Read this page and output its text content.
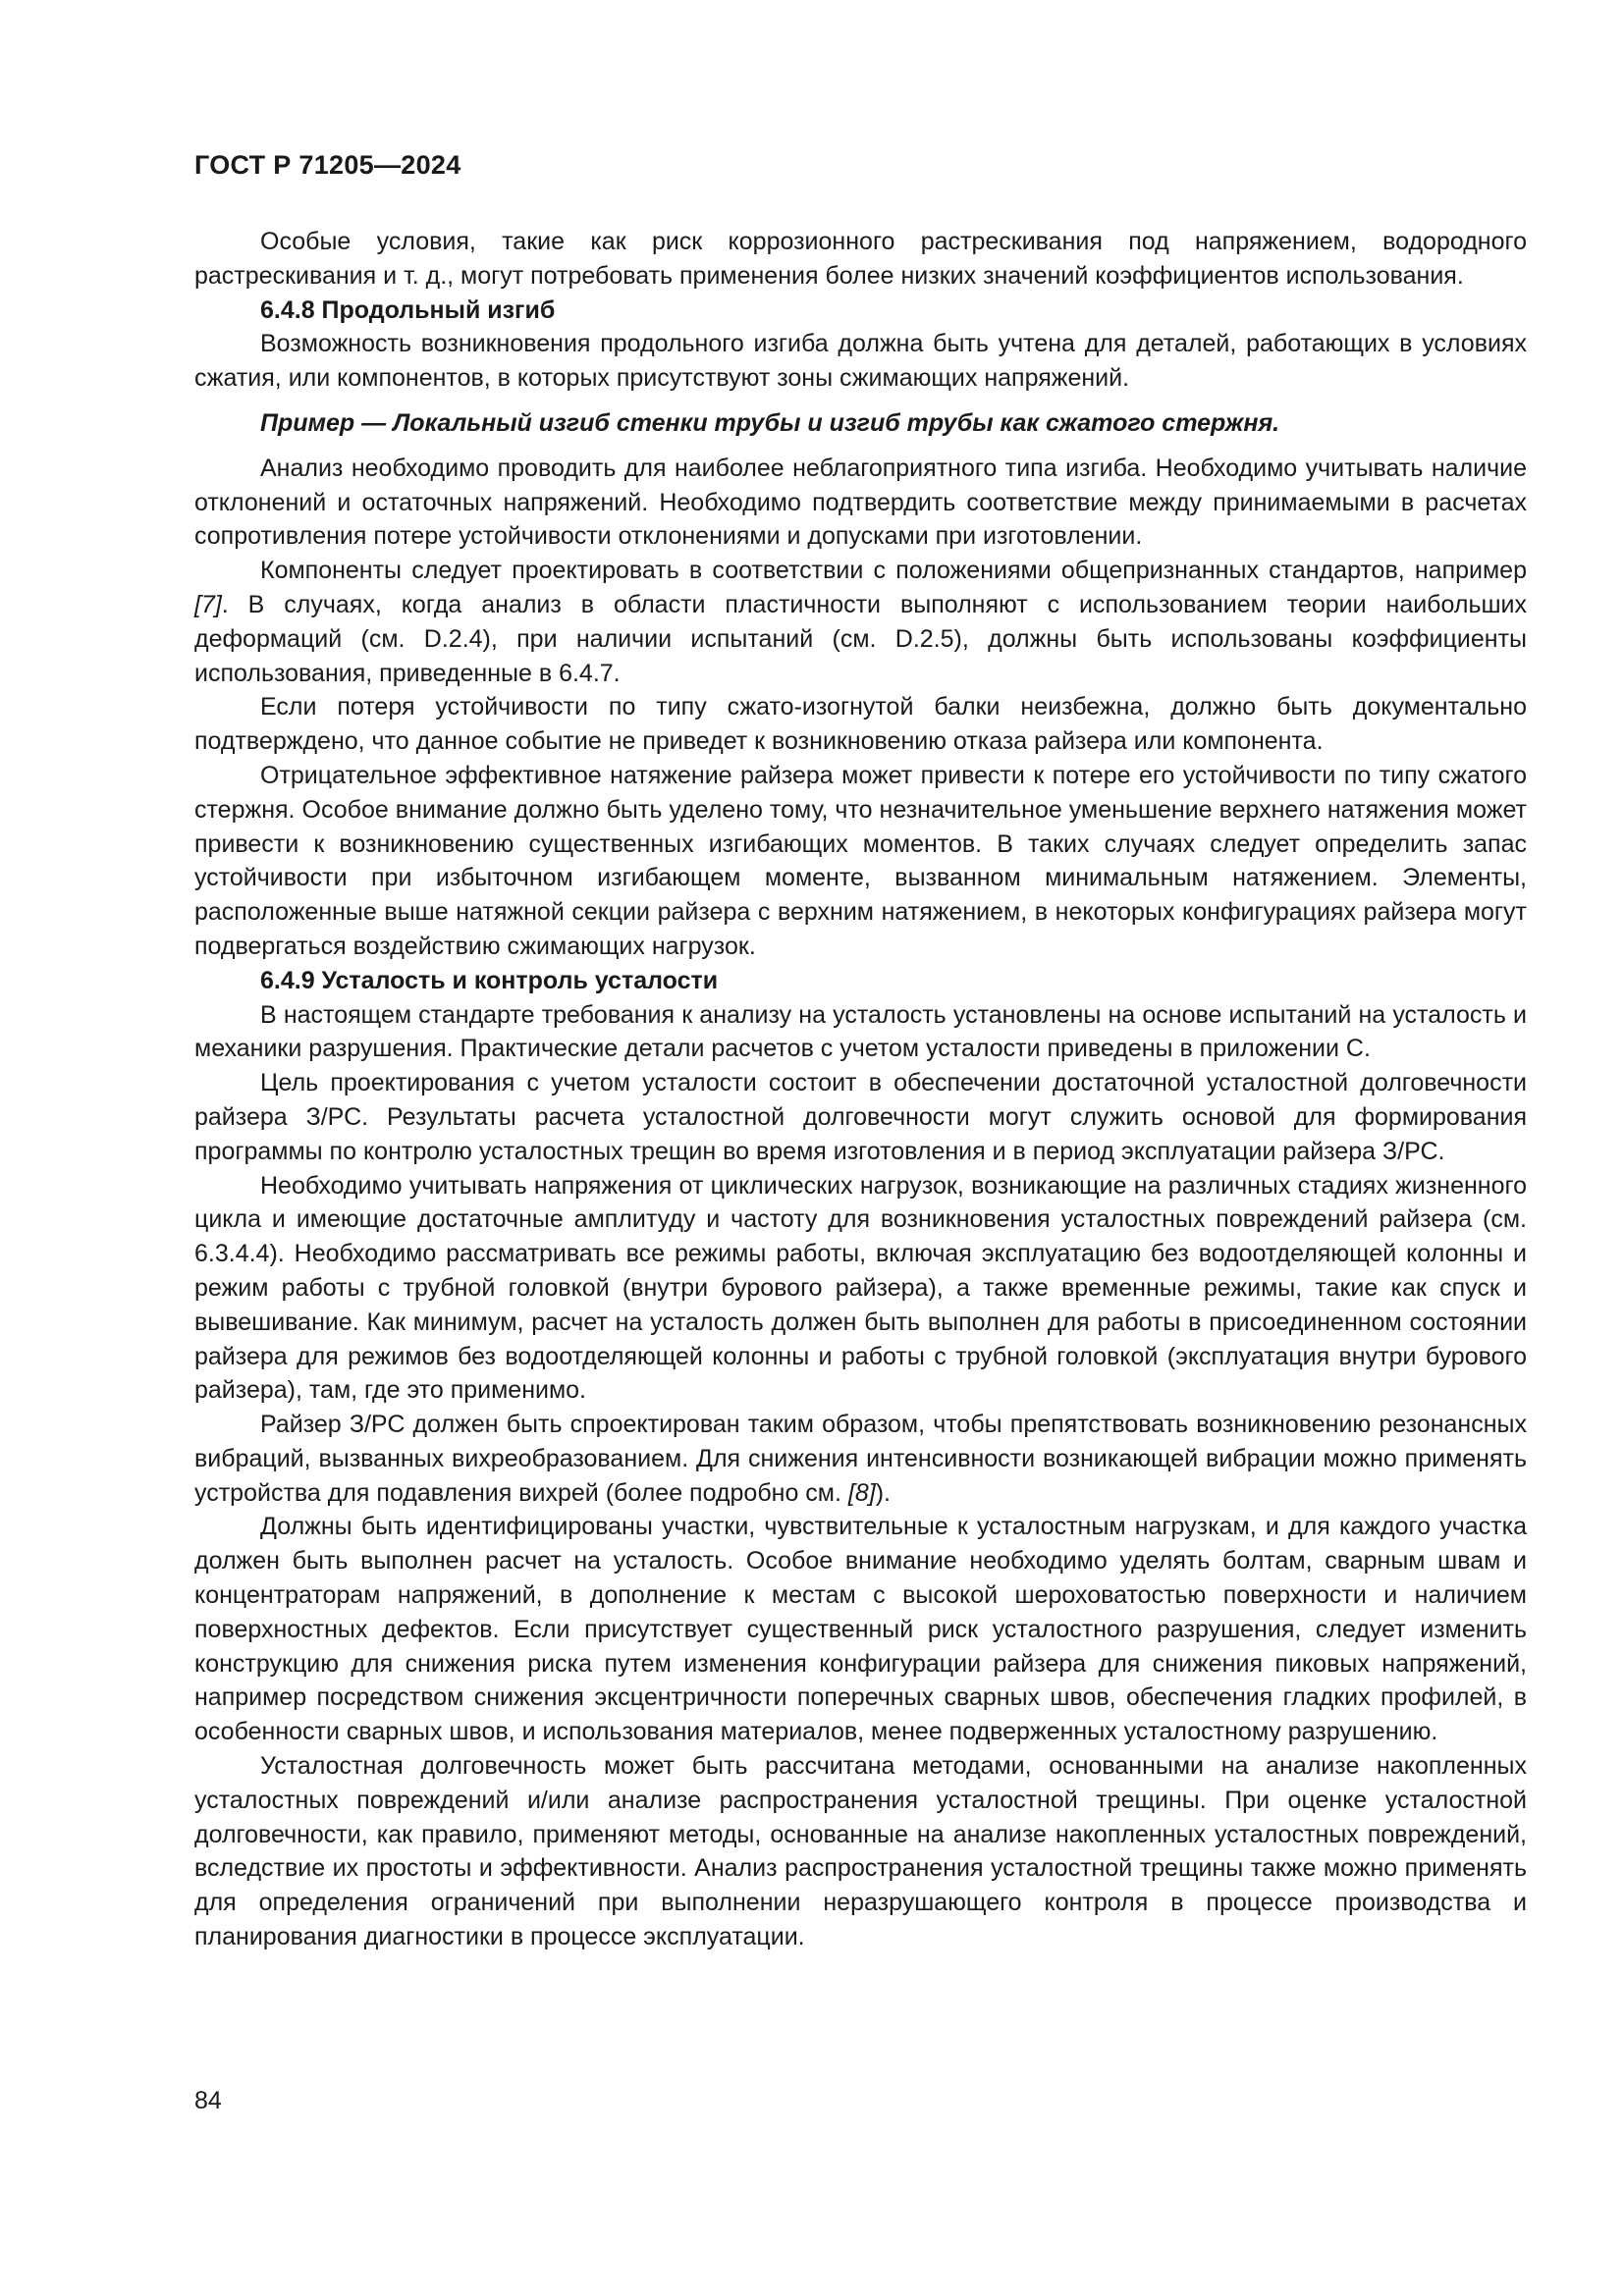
ГОСТ Р 71205—2024

Особые условия, такие как риск коррозионного растрескивания под напряжением, водородного растрескивания и т. д., могут потребовать применения более низких значений коэффициентов использования.

6.4.8 Продольный изгиб

Возможность возникновения продольного изгиба должна быть учтена для деталей, работающих в условиях сжатия, или компонентов, в которых присутствуют зоны сжимающих напряжений.

Пример — Локальный изгиб стенки трубы и изгиб трубы как сжатого стержня.

Анализ необходимо проводить для наиболее неблагоприятного типа изгиба. Необходимо учитывать наличие отклонений и остаточных напряжений. Необходимо подтвердить соответствие между принимаемыми в расчетах сопротивления потере устойчивости отклонениями и допусками при изготовлении.

Компоненты следует проектировать в соответствии с положениями общепризнанных стандартов, например [7]. В случаях, когда анализ в области пластичности выполняют с использованием теории наибольших деформаций (см. D.2.4), при наличии испытаний (см. D.2.5), должны быть использованы коэффициенты использования, приведенные в 6.4.7.

Если потеря устойчивости по типу сжато-изогнутой балки неизбежна, должно быть документально подтверждено, что данное событие не приведет к возникновению отказа райзера или компонента.

Отрицательное эффективное натяжение райзера может привести к потере его устойчивости по типу сжатого стержня. Особое внимание должно быть уделено тому, что незначительное уменьшение верхнего натяжения может привести к возникновению существенных изгибающих моментов. В таких случаях следует определить запас устойчивости при избыточном изгибающем моменте, вызванном минимальным натяжением. Элементы, расположенные выше натяжной секции райзера с верхним натяжением, в некоторых конфигурациях райзера могут подвергаться воздействию сжимающих нагрузок.

6.4.9 Усталость и контроль усталости

В настоящем стандарте требования к анализу на усталость установлены на основе испытаний на усталость и механики разрушения. Практические детали расчетов с учетом усталости приведены в приложении C.

Цель проектирования с учетом усталости состоит в обеспечении достаточной усталостной долговечности райзера З/РС. Результаты расчета усталостной долговечности могут служить основой для формирования программы по контролю усталостных трещин во время изготовления и в период эксплуатации райзера З/РС.

Необходимо учитывать напряжения от циклических нагрузок, возникающие на различных стадиях жизненного цикла и имеющие достаточные амплитуду и частоту для возникновения усталостных повреждений райзера (см. 6.3.4.4). Необходимо рассматривать все режимы работы, включая эксплуатацию без водоотделяющей колонны и режим работы с трубной головкой (внутри бурового райзера), а также временные режимы, такие как спуск и вывешивание. Как минимум, расчет на усталость должен быть выполнен для работы в присоединенном состоянии райзера для режимов без водоотделяющей колонны и работы с трубной головкой (эксплуатация внутри бурового райзера), там, где это применимо.

Райзер З/РС должен быть спроектирован таким образом, чтобы препятствовать возникновению резонансных вибраций, вызванных вихреобразованием. Для снижения интенсивности возникающей вибрации можно применять устройства для подавления вихрей (более подробно см. [8]).

Должны быть идентифицированы участки, чувствительные к усталостным нагрузкам, и для каждого участка должен быть выполнен расчет на усталость. Особое внимание необходимо уделять болтам, сварным швам и концентраторам напряжений, в дополнение к местам с высокой шероховатостью поверхности и наличием поверхностных дефектов. Если присутствует существенный риск усталостного разрушения, следует изменить конструкцию для снижения риска путем изменения конфигурации райзера для снижения пиковых напряжений, например посредством снижения эксцентричности поперечных сварных швов, обеспечения гладких профилей, в особенности сварных швов, и использования материалов, менее подверженных усталостному разрушению.

Усталостная долговечность может быть рассчитана методами, основанными на анализе накопленных усталостных повреждений и/или анализе распространения усталостной трещины. При оценке усталостной долговечности, как правило, применяют методы, основанные на анализе накопленных усталостных повреждений, вследствие их простоты и эффективности. Анализ распространения усталостной трещины также можно применять для определения ограничений при выполнении неразрушающего контроля в процессе производства и планирования диагностики в процессе эксплуатации.

84
